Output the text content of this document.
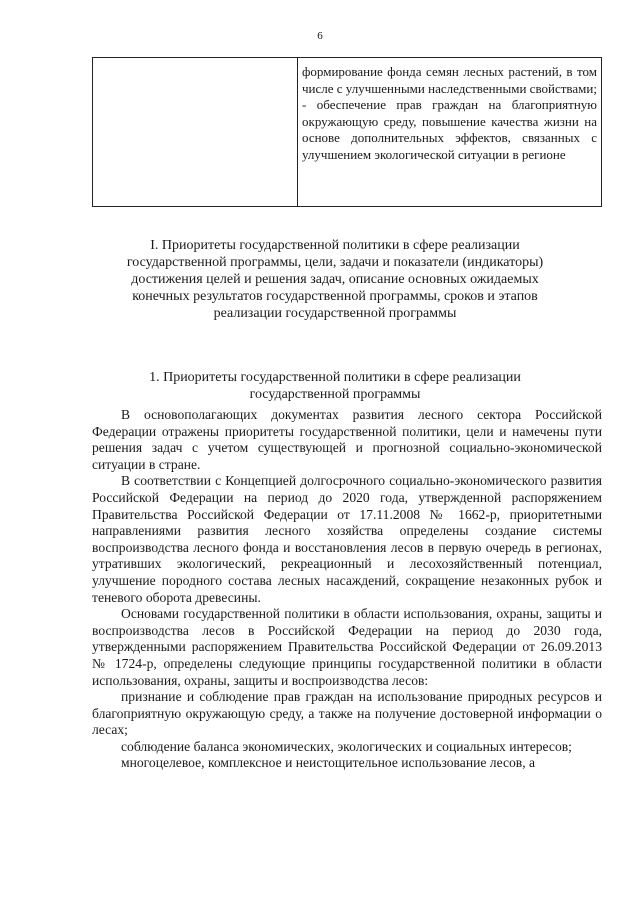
6

формирование фонда семян лесных растений, в том числе с улучшенными наследственными свойствами;

- обеспечение прав граждан на благоприятную окружающую среду, повышение качества жизни на основе дополнительных эффектов, связанных с улучшением экологической ситуации в регионе

I. Приоритеты государственной политики в сфере реализации государственной программы, цели, задачи и показатели (индикаторы) достижения целей и решения задач, описание основных ожидаемых конечных результатов государственной программы, сроков и этапов реализации государственной программы
1. Приоритеты государственной политики в сфере реализации государственной программы

В основополагающих документах развития лесного сектора Российской Федерации отражены приоритеты государственной политики, цели и намечены пути решения задач с учетом существующей и прогнозной социально-экономической ситуации в стране.

В соответствии с Концепцией долгосрочного социально-экономического развития Российской Федерации на период до 2020 года, утвержденной распоряжением Правительства Российской Федерации от 17.11.2008 № 1662-р, приоритетными направлениями развития лесного хозяйства определены создание системы воспроизводства лесного фонда и восстановления лесов в первую очередь в регионах, утративших экологический, рекреационный и лесохозяйственный потенциал, улучшение породного состава лесных насаждений, сокращение незаконных рубок и теневого оборота древесины.

Основами государственной политики в области использования, охраны, защиты и воспроизводства лесов в Российской Федерации на период до 2030 года, утвержденными распоряжением Правительства Российской Федерации от 26.09.2013 № 1724-р, определены следующие принципы государственной политики в области использования, охраны, защиты и воспроизводства лесов:

признание и соблюдение прав граждан на использование природных ресурсов и благоприятную окружающую среду, а также на получение достоверной информации о лесах;

соблюдение баланса экономических, экологических и социальных интересов;

многоцелевое, комплексное и неистощительное использование лесов, а
